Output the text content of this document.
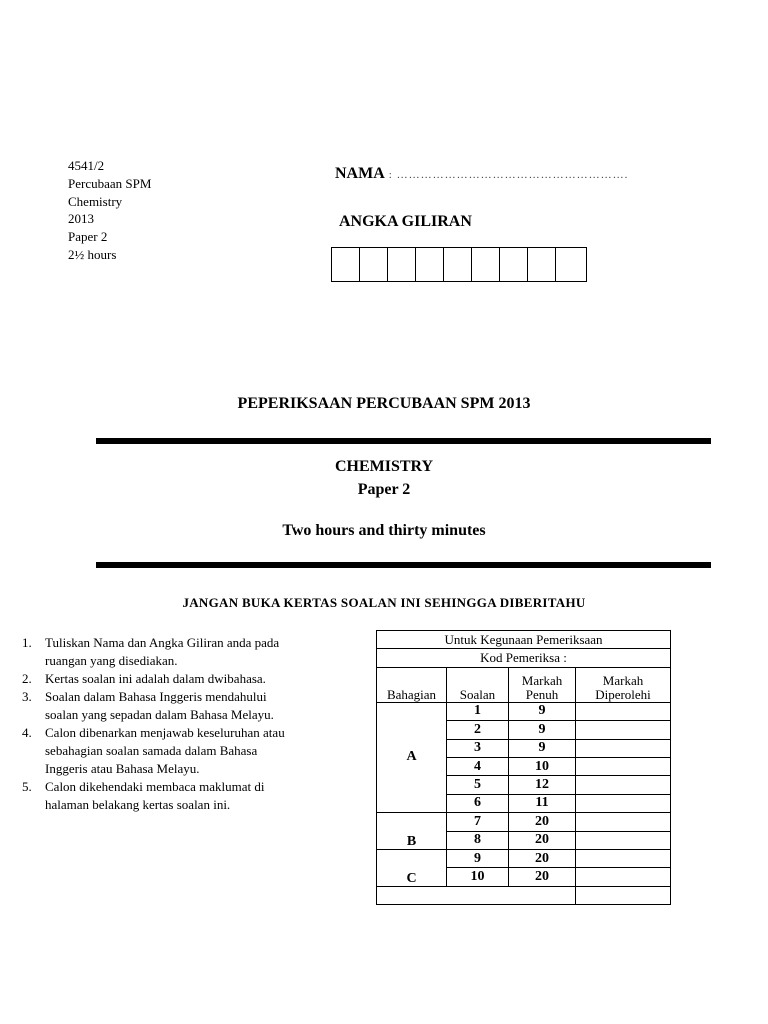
4541/2
Percubaan SPM
Chemistry
2013
Paper 2
2½ hours
NAMA : ………………………………………………….
ANGKA GILIRAN
PEPERIKSAAN PERCUBAAN SPM 2013
CHEMISTRY
Paper 2
Two hours and thirty minutes
JANGAN BUKA KERTAS SOALAN INI SEHINGGA DIBERITAHU
1. Tuliskan Nama dan Angka Giliran anda pada ruangan yang disediakan.
2. Kertas soalan ini adalah dalam dwibahasa.
3. Soalan dalam Bahasa Inggeris mendahului soalan yang sepadan dalam Bahasa Melayu.
4. Calon dibenarkan menjawab keseluruhan atau sebahagian soalan samada dalam Bahasa Inggeris atau Bahasa Melayu.
5. Calon dikehendaki membaca maklumat di halaman belakang kertas soalan ini.
Untuk Kegunaan Pemeriksaan			
Kod Pemeriksa :			
Bahagian	Soalan	Markah Penuh	Markah Diperolehi
A	1	9	
	2	9	
	3	9	
	4	10	
	5	12	
	6	11	
B	7	20	
	8	20	
C	9	20	
	10	20	
